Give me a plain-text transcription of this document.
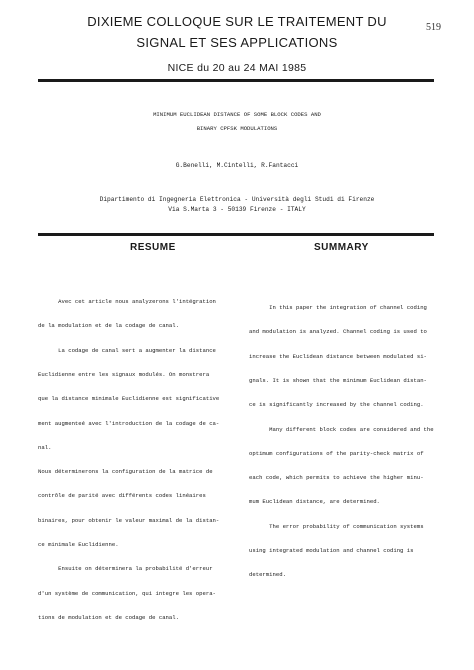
519
DIXIEME COLLOQUE SUR LE TRAITEMENT DU
SIGNAL ET SES APPLICATIONS
NICE du 20 au 24 MAI 1985
MINIMUM EUCLIDEAN DISTANCE OF SOME BLOCK CODES AND
BINARY CPFSK MODULATIONS
G.Benelli, M.Cintelli, R.Fantacci
Dipartimento di Ingegneria Elettronica - Università degli Studi di Firenze
Via S.Marta 3 - 50139 Firenze - ITALY
RESUME	SUMMARY

Avec cet article nous analyzerons l'intégration

de la modulation et de la codage de canal.

La codage de canal sert a augmenter la distance

Euclidienne entre les signaux modulés. On monstrera

que la distance minimale Euclidienne est significative

ment augmenteé avec l'introduction de la codage de ca-

nal.

Nous déterminerons la configuration de la matrice de

contrôle de parité avec différents codes linéaires

binaires, pour obtenir le valeur maximal de la distan-

ce minimale Euclidienne.

Ensuite on déterminera la probabilité d'erreur

d'un système de communication, qui integre les opera-

tions de modulation et de codage de canal.

In this paper the integration of channel coding

and modulation is analyzed. Channel coding is used to

increase the Euclidean distance between modulated si-

gnals. It is shown that the minimum Euclidean distan-

ce is significantly increased by the channel coding.

Many different block codes are considered and the

optimum configurations of the parity-check matrix of

each code, which permits to achieve the higher minu-

mum Euclidean distance, are determined.

The error probability of communication systems

using integrated modulation and channel coding is

determined.
